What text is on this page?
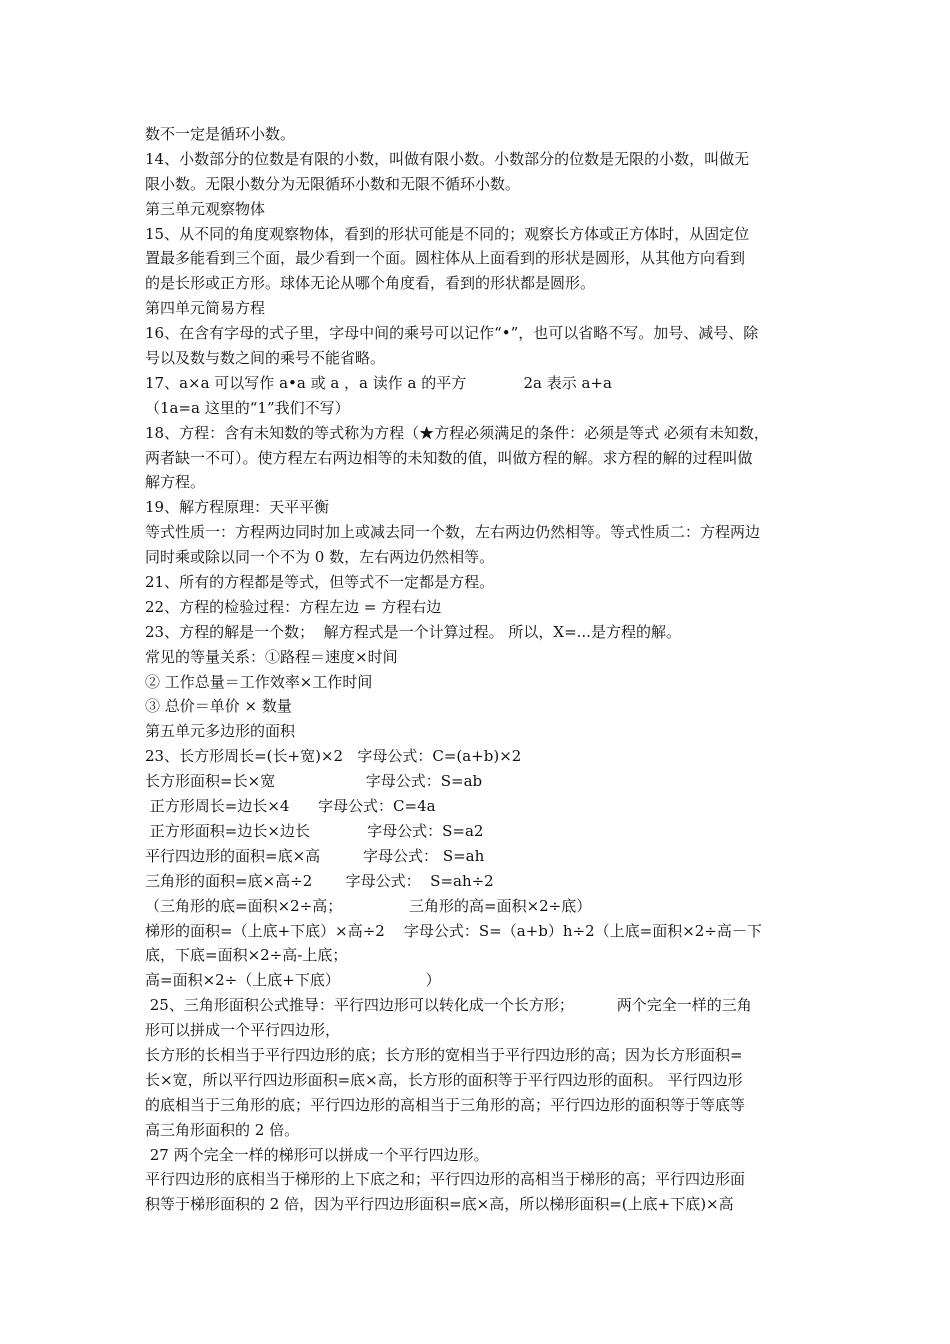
数不一定是循环小数。
14、小数部分的位数是有限的小数，叫做有限小数。小数部分的位数是无限的小数，叫做无
限小数。无限小数分为无限循环小数和无限不循环小数。
第三单元观察物体
15、从不同的角度观察物体，看到的形状可能是不同的；观察长方体或正方体时，从固定位
置最多能看到三个面，最少看到一个面。圆柱体从上面看到的形状是圆形，从其他方向看到
的是长形或正方形。球体无论从哪个角度看，看到的形状都是圆形。
第四单元简易方程
16、在含有字母的式子里，字母中间的乘号可以记作“•”，也可以省略不写。加号、减号、除
号以及数与数之间的乘号不能省略。
17、a×a 可以写作 a•a 或 a ，a 读作 a 的平方            2a 表示 a+a
（1a=a 这里的“1”我们不写）
18、方程：含有未知数的等式称为方程（★方程必须满足的条件：必须是等式 必须有未知数，
两者缺一不可）。使方程左右两边相等的未知数的值，叫做方程的解。求方程的解的过程叫做
解方程。
19、解方程原理：天平平衡
等式性质一：方程两边同时加上或减去同一个数，左右两边仍然相等。等式性质二：方程两边
同时乘或除以同一个不为 0 数，左右两边仍然相等。
21、所有的方程都是等式，但等式不一定都是方程。
22、方程的检验过程：方程左边 = 方程右边
23、方程的解是一个数；  解方程式是一个计算过程。 所以，X=...是方程的解。
常见的等量关系：①路程＝速度×时间
② 工作总量＝工作效率×工作时间
③ 总价＝单价 × 数量
第五单元多边形的面积
23、长方形周长=(长+宽)×2   字母公式：C=(a+b)×2
长方形面积=长×宽                   字母公式：S=ab
正方形周长=边长×4      字母公式：C=4a
正方形面积=边长×边长            字母公式：S=a2
平行四边形的面积=底×高         字母公式： S=ah
三角形的面积=底×高÷2       字母公式：  S=ah÷2
（三角形的底=面积×2÷高；              三角形的高=面积×2÷底）
梯形的面积=（上底+下底）×高÷2    字母公式：S=（a+b）h÷2（上底=面积×2÷高－下
底，下底=面积×2÷高-上底；
高=面积×2÷（上底+下底）                  ）
25、三角形面积公式推导：平行四边形可以转化成一个长方形；         两个完全一样的三角
形可以拼成一个平行四边形，
长方形的长相当于平行四边形的底；长方形的宽相当于平行四边形的高；因为长方形面积=
长×宽，所以平行四边形面积=底×高，长方形的面积等于平行四边形的面积。 平行四边形
的底相当于三角形的底；平行四边形的高相当于三角形的高；平行四边形的面积等于等底等
高三角形面积的 2 倍。
27 两个完全一样的梯形可以拼成一个平行四边形。
平行四边形的底相当于梯形的上下底之和；平行四边形的高相当于梯形的高；平行四边形面
积等于梯形面积的 2 倍，因为平行四边形面积=底×高，所以梯形面积=(上底+下底)×高
